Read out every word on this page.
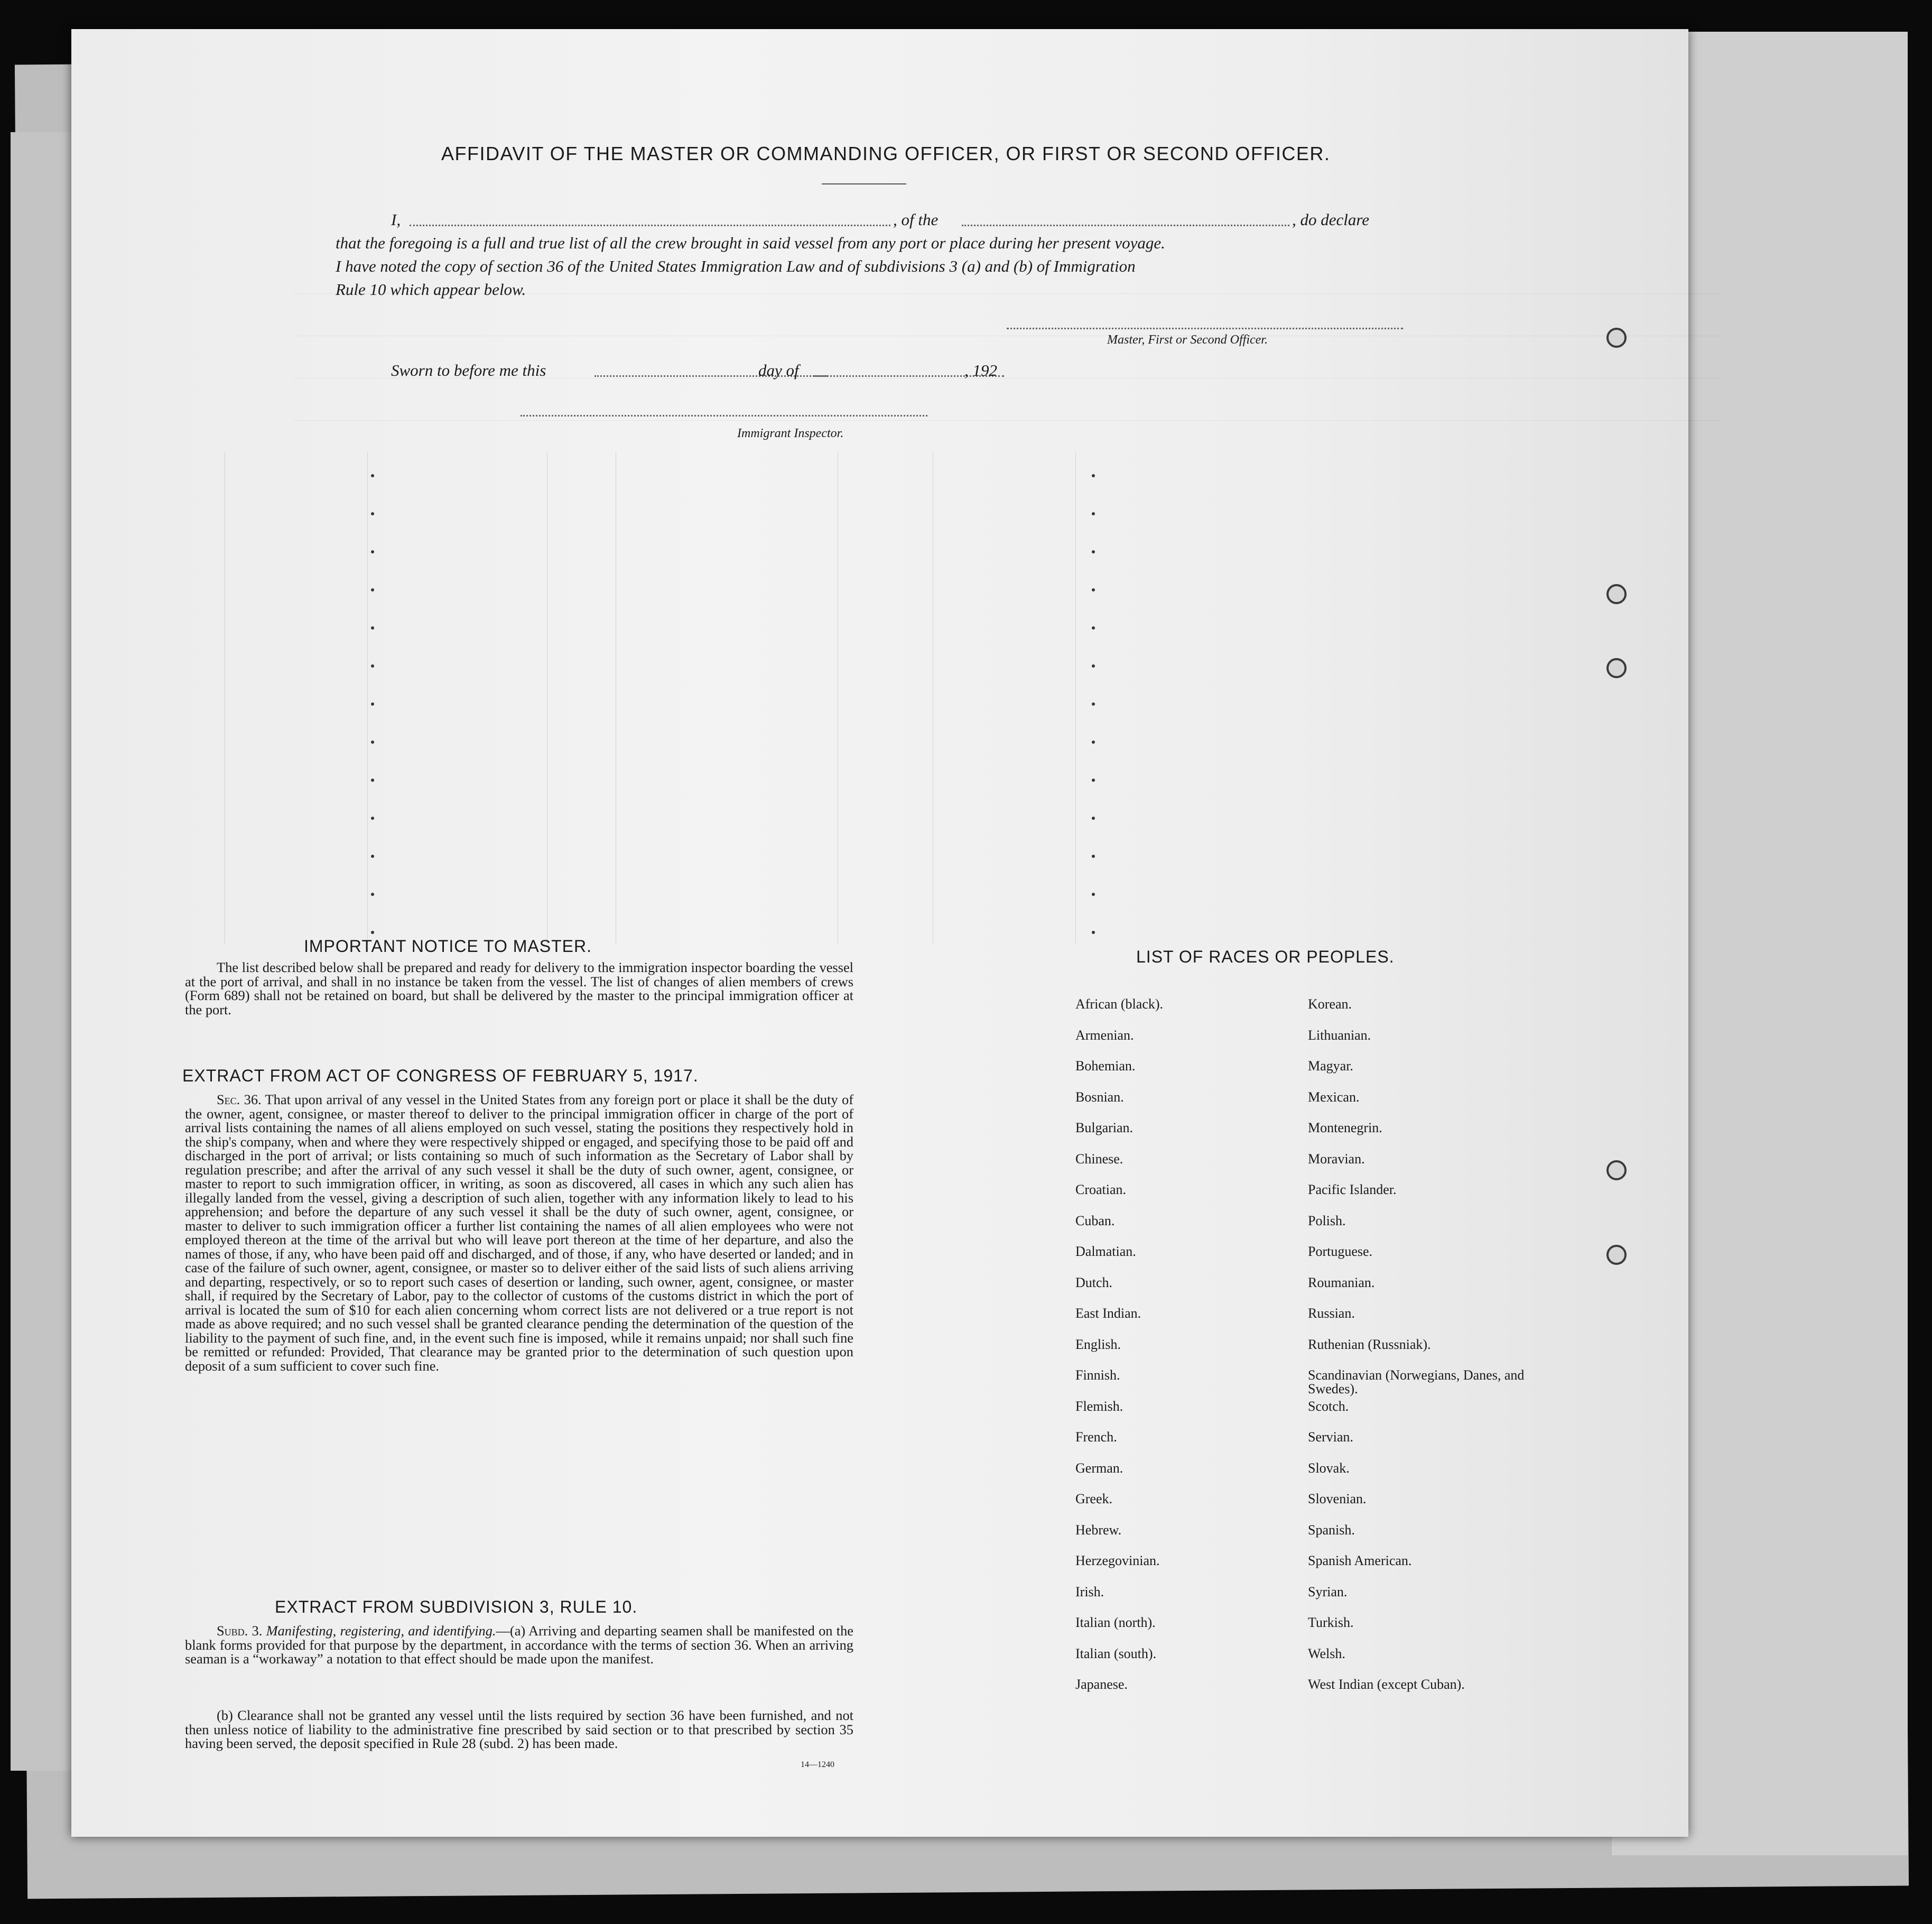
AFFIDAVIT OF THE MASTER OR COMMANDING OFFICER, OR FIRST OR SECOND OFFICER.
I,	, of the	, do declare
that the foregoing is a full and true list of all the crew brought in said vessel from any port or place during her present voyage.
I have noted the copy of section 36 of the United States Immigration Law and of subdivisions 3 (a) and (b) of Immigration
Rule 10 which appear below.
Master, First or Second Officer.
Sworn to before me this	day of	, 192
Immigrant Inspector.
IMPORTANT NOTICE TO MASTER.
The list described below shall be prepared and ready for delivery to the immigration inspector boarding the vessel at the port of arrival, and shall in no instance be taken from the vessel. The list of changes of alien members of crews (Form 689) shall not be retained on board, but shall be delivered by the master to the principal immigration officer at the port.
EXTRACT FROM ACT OF CONGRESS OF FEBRUARY 5, 1917.
Sec. 36. That upon arrival of any vessel in the United States from any foreign port or place it shall be the duty of the owner, agent, consignee, or master thereof to deliver to the principal immigration officer in charge of the port of arrival lists containing the names of all aliens employed on such vessel, stating the positions they respectively hold in the ship's company, when and where they were respectively shipped or engaged, and specifying those to be paid off and discharged in the port of arrival; or lists containing so much of such information as the Secretary of Labor shall by regulation prescribe; and after the arrival of any such vessel it shall be the duty of such owner, agent, consignee, or master to report to such immigration officer, in writing, as soon as discovered, all cases in which any such alien has illegally landed from the vessel, giving a description of such alien, together with any information likely to lead to his apprehension; and before the departure of any such vessel it shall be the duty of such owner, agent, consignee, or master to deliver to such immigration officer a further list containing the names of all alien employees who were not employed thereon at the time of the arrival but who will leave port thereon at the time of her departure, and also the names of those, if any, who have been paid off and discharged, and of those, if any, who have deserted or landed; and in case of the failure of such owner, agent, consignee, or master so to deliver either of the said lists of such aliens arriving and departing, respectively, or so to report such cases of desertion or landing, such owner, agent, consignee, or master shall, if required by the Secretary of Labor, pay to the collector of customs of the customs district in which the port of arrival is located the sum of $10 for each alien concerning whom correct lists are not delivered or a true report is not made as above required; and no such vessel shall be granted clearance pending the determination of the question of the liability to the payment of such fine, and, in the event such fine is imposed, while it remains unpaid; nor shall such fine be remitted or refunded: Provided, That clearance may be granted prior to the determination of such question upon deposit of a sum sufficient to cover such fine.
EXTRACT FROM SUBDIVISION 3, RULE 10.
Subd. 3. Manifesting, registering, and identifying.—(a) Arriving and departing seamen shall be manifested on the blank forms provided for that purpose by the department, in accordance with the terms of section 36. When an arriving seaman is a “workaway” a notation to that effect should be made upon the manifest.
(b) Clearance shall not be granted any vessel until the lists required by section 36 have been furnished, and not then unless notice of liability to the administrative fine prescribed by said section or to that prescribed by section 35 having been served, the deposit specified in Rule 28 (subd. 2) has been made.
14—1240
LIST OF RACES OR PEOPLES.
African (black).
Armenian.
Bohemian.
Bosnian.
Bulgarian.
Chinese.
Croatian.
Cuban.
Dalmatian.
Dutch.
East Indian.
English.
Finnish.
Flemish.
French.
German.
Greek.
Hebrew.
Herzegovinian.
Irish.
Italian (north).
Italian (south).
Japanese.
Korean.
Lithuanian.
Magyar.
Mexican.
Montenegrin.
Moravian.
Pacific Islander.
Polish.
Portuguese.
Roumanian.
Russian.
Ruthenian (Russniak).
Scandinavian (Norwegians, Danes, and Swedes).
Scotch.
Servian.
Slovak.
Slovenian.
Spanish.
Spanish American.
Syrian.
Turkish.
Welsh.
West Indian (except Cuban).
